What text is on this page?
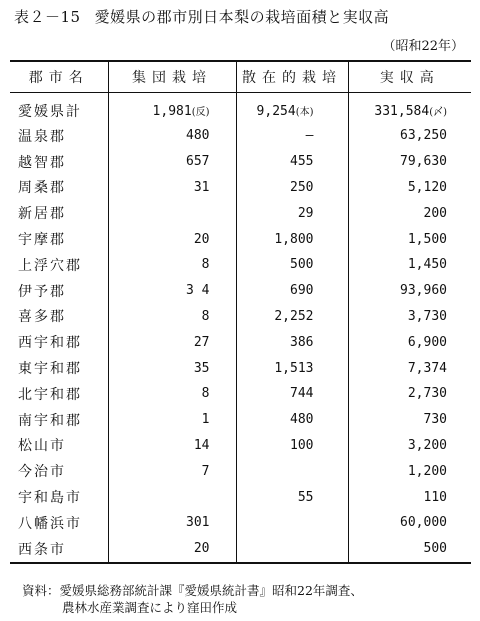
表２－15 愛媛県の郡市別日本梨の栽培面積と実収高
（昭和22年）
郡市名	集団栽培	散在的栽培	実収高
愛媛県計	1,981(反)	9,254(本)	331,584(〆)
温泉郡	480	—	63,250
越智郡	657	455	79,630
周桑郡	31	250	5,120
新居郡		29	200
宇摩郡	20	1,800	1,500
上浮穴郡	8	500	1,450
伊予郡	3 4	690	93,960
喜多郡	8	2,252	3,730
西宇和郡	27	386	6,900
東宇和郡	35	1,513	7,374
北宇和郡	8	744	2,730
南宇和郡	1	480	730
松山市	14	100	3,200
今治市	7		1,200
宇和島市		55	110
八幡浜市	301		60,000
西条市	20		500
資料：愛媛県総務部統計課『愛媛県統計書』昭和22年調査、
農林水産業調査により窪田作成
